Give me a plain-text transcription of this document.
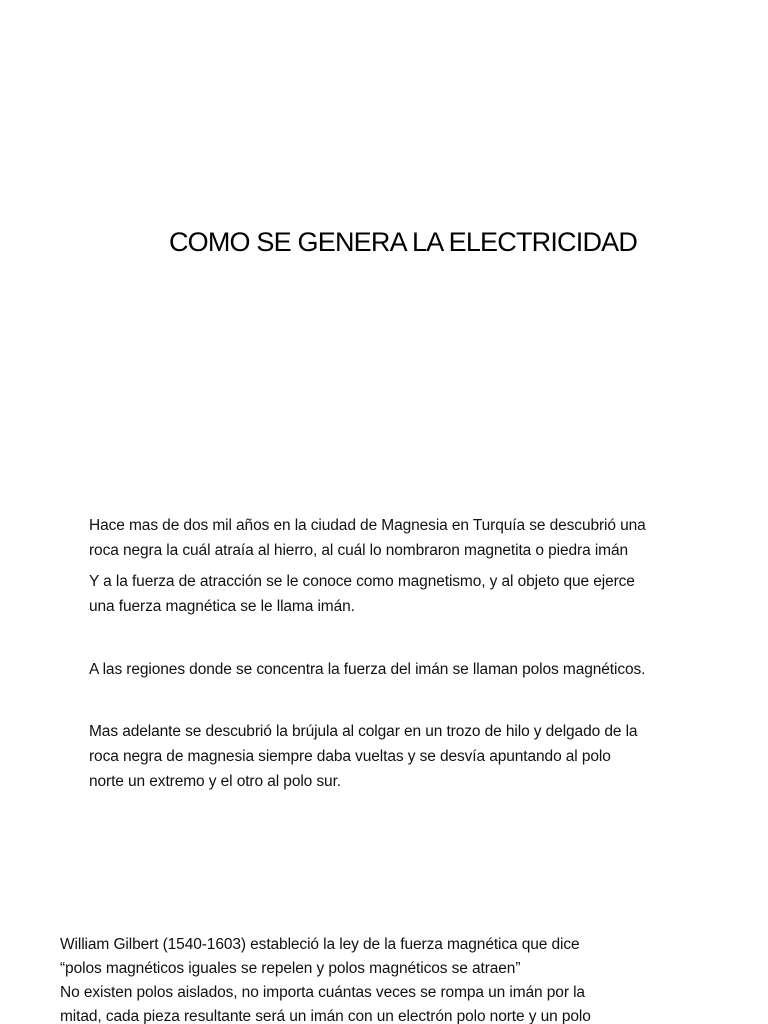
COMO SE GENERA LA ELECTRICIDAD

Hace mas de dos mil años en la ciudad de Magnesia en Turquía se descubrió una
roca negra la cuál atraía al hierro, al cuál lo nombraron magnetita o piedra imán

Y a la fuerza de atracción se le conoce como magnetismo, y al objeto que ejerce
una fuerza magnética se le llama imán.

A las regiones donde se concentra la fuerza del imán se llaman polos magnéticos.

Mas adelante se descubrió la brújula al colgar en un trozo de hilo y delgado de la
roca negra de magnesia siempre daba vueltas y se desvía apuntando al polo
norte un extremo y el otro al polo sur.

William Gilbert (1540-1603) estableció la ley de la fuerza magnética que dice
“polos magnéticos iguales se repelen y polos magnéticos se atraen”
No existen polos aislados, no importa cuántas veces se rompa un imán por la
mitad, cada pieza resultante será un imán con un electrón polo norte y un polo
